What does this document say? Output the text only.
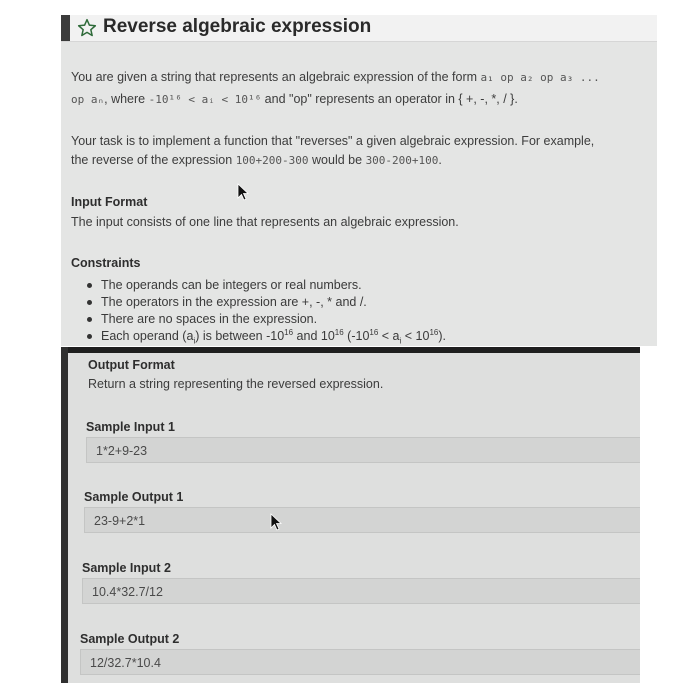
Reverse algebraic expression
You are given a string that represents an algebraic expression of the form a₁ op a₂ op a₃ ...
op aₙ, where -10¹⁶ < aᵢ < 10¹⁶ and "op" represents an operator in { +, -, *, / }.
Your task is to implement a function that "reverses" a given algebraic expression. For example,
the reverse of the expression 100+200-300 would be 300-200+100.
Input Format
The input consists of one line that represents an algebraic expression.
Constraints
The operands can be integers or real numbers.
The operators in the expression are +, -, * and /.
There are no spaces in the expression.
Each operand $(a_i)$ is between $-10^{16}$ and $10^{16}$ $(-10^{16} < a_i < 10^{16})$.
Output Format
Return a string representing the reversed expression.
Sample Input 1
1*2+9-23
Sample Output 1
23-9+2*1
Sample Input 2
10.4*32.7/12
Sample Output 2
12/32.7*10.4
